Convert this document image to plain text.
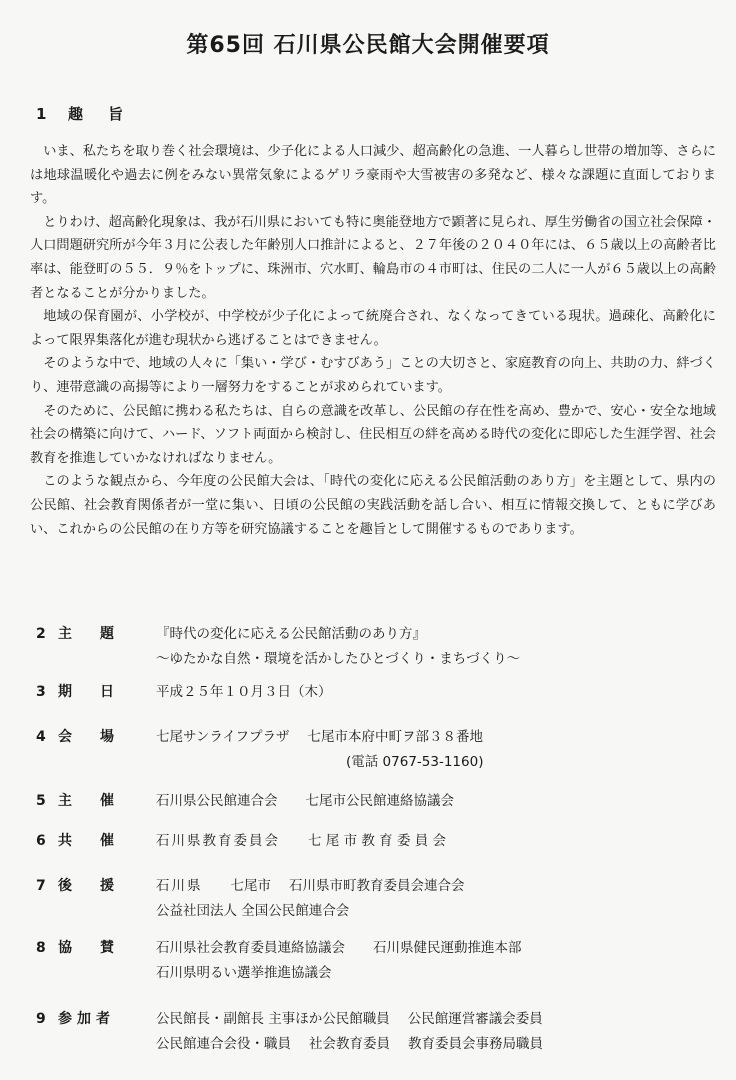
第65回 石川県公民館大会開催要項
1 趣 旨

いま、私たちを取り巻く社会環境は、少子化による人口減少、超高齢化の急進、一人暮らし世帯の増加等、さらには地球温暖化や過去に例をみない異常気象によるゲリラ豪雨や大雪被害の多発など、様々な課題に直面しております。

とりわけ、超高齢化現象は、我が石川県においても特に奥能登地方で顕著に見られ、厚生労働省の国立社会保障・人口問題研究所が今年３月に公表した年齢別人口推計によると、２７年後の２０４０年には、６５歳以上の高齢者比率は、能登町の５５．９％をトップに、珠洲市、穴水町、輪島市の４市町は、住民の二人に一人が６５歳以上の高齢者となることが分かりました。

地域の保育園が、小学校が、中学校が少子化によって統廃合され、なくなってきている現状。過疎化、高齢化によって限界集落化が進む現状から逃げることはできません。

そのような中で、地域の人々に「集い・学び・むすびあう」ことの大切さと、家庭教育の向上、共助の力、絆づくり、連帯意識の高揚等により一層努力をすることが求められています。

そのために、公民館に携わる私たちは、自らの意識を改革し、公民館の存在性を高め、豊かで、安心・安全な地域社会の構築に向けて、ハード、ソフト両面から検討し、住民相互の絆を高める時代の変化に即応した生涯学習、社会教育を推進していかなければなりません。

このような観点から、今年度の公民館大会は、「時代の変化に応える公民館活動のあり方」を主題として、県内の公民館、社会教育関係者が一堂に集い、日頃の公民館の実践活動を話し合い、相互に情報交換して、ともに学びあい、これからの公民館の在り方等を研究協議することを趣旨として開催するものであります。

2 主 題	『時代の変化に応える公民館活動のあり方』
～ゆたかな自然・環境を活かしたひとづくり・まちづくり～
3 期 日	平成２５年１０月３日（木）
4 会 場	七尾サンライフプラザ 七尾市本府中町ヲ部３８番地
(電話 0767-53-1160)
5 主 催	石川県公民館連合会 七尾市公民館連絡協議会
6 共 催	石川県教育委員会 七 尾 市 教 育 委 員 会
7 後 援	石川県 七尾市 石川県市町教育委員会連合会
公益社団法人 全国公民館連合会
8 協 賛	石川県社会教育委員連絡協議会 石川県健民運動推進本部
石川県明るい選挙推進協議会
9 参加者	公民館長・副館長 主事ほか公民館職員 公民館運営審議会委員
公民館連合会役・職員 社会教育委員 教育委員会事務局職員
